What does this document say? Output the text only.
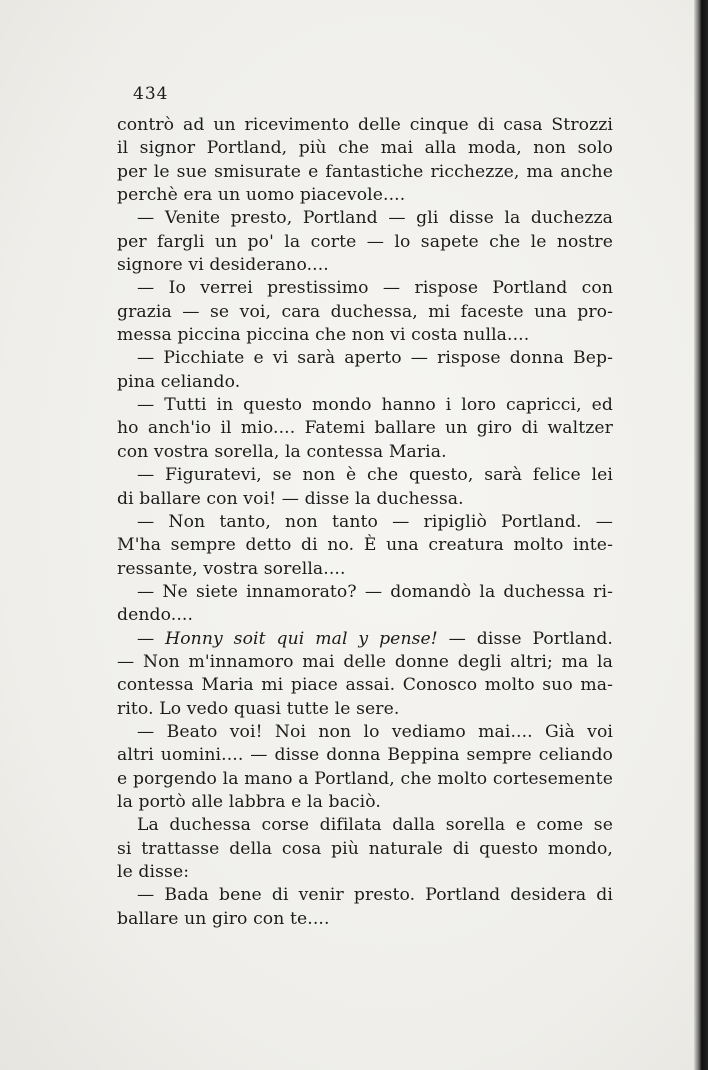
434
contrò ad un ricevimento delle cinque di casa Strozzi
il signor Portland, più che mai alla moda, non solo
per le sue smisurate e fantastiche ricchezze, ma anche
perchè era un uomo piacevole....
— Venite presto, Portland — gli disse la duchezza
per fargli un po' la corte — lo sapete che le nostre
signore vi desiderano....
— Io verrei prestissimo — rispose Portland con
grazia — se voi, cara duchessa, mi faceste una pro-
messa piccina piccina che non vi costa nulla....
— Picchiate e vi sarà aperto — rispose donna Bep-
pina celiando.
— Tutti in questo mondo hanno i loro capricci, ed
ho anch'io il mio.... Fatemi ballare un giro di waltzer
con vostra sorella, la contessa Maria.
— Figuratevi, se non è che questo, sarà felice lei
di ballare con voi! — disse la duchessa.
— Non tanto, non tanto — ripigliò Portland. —
M'ha sempre detto di no. È una creatura molto inte-
ressante, vostra sorella....
— Ne siete innamorato? — domandò la duchessa ri-
dendo....
— Honny soit qui mal y pense! — disse Portland.
— Non m'innamoro mai delle donne degli altri; ma la
contessa Maria mi piace assai. Conosco molto suo ma-
rito. Lo vedo quasi tutte le sere.
— Beato voi! Noi non lo vediamo mai.... Già voi
altri uomini.... — disse donna Beppina sempre celiando
e porgendo la mano a Portland, che molto cortesemente
la portò alle labbra e la baciò.
La duchessa corse difilata dalla sorella e come se
si trattasse della cosa più naturale di questo mondo,
le disse:
— Bada bene di venir presto. Portland desidera di
ballare un giro con te....
